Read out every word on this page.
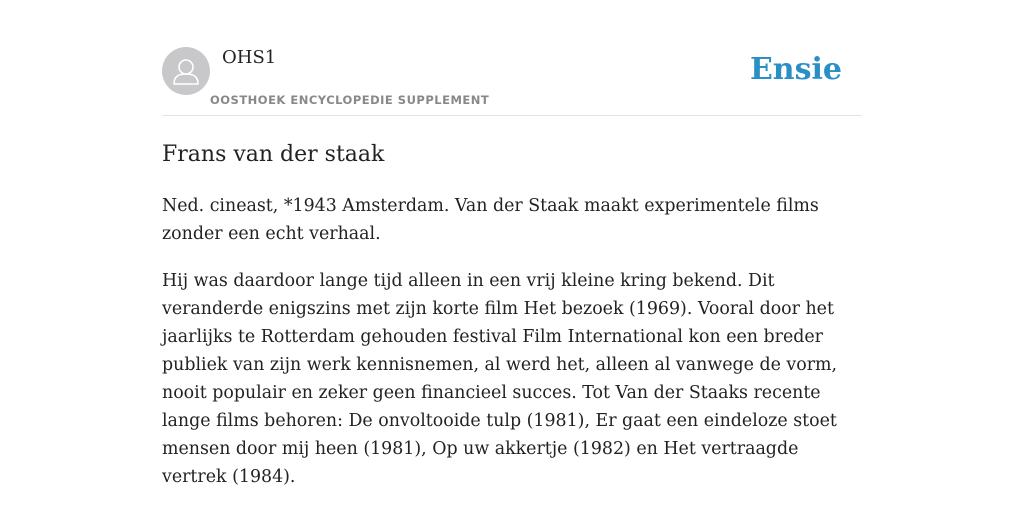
OHS1
OOSTHOEK ENCYCLOPEDIE SUPPLEMENT
Ensie
Frans van der staak

Ned. cineast, *1943 Amsterdam. Van der Staak maakt experimentele films zonder een echt verhaal.

Hij was daardoor lange tijd alleen in een vrij kleine kring bekend. Dit veranderde enigszins met zijn korte film Het bezoek (1969). Vooral door het jaarlijks te Rotterdam gehouden festival Film International kon een breder publiek van zijn werk kennisnemen, al werd het, alleen al vanwege de vorm, nooit populair en zeker geen financieel succes. Tot Van der Staaks recente lange films behoren: De onvoltooide tulp (1981), Er gaat een eindeloze stoet mensen door mij heen (1981), Op uw akkertje (1982) en Het vertraagde vertrek (1984).
